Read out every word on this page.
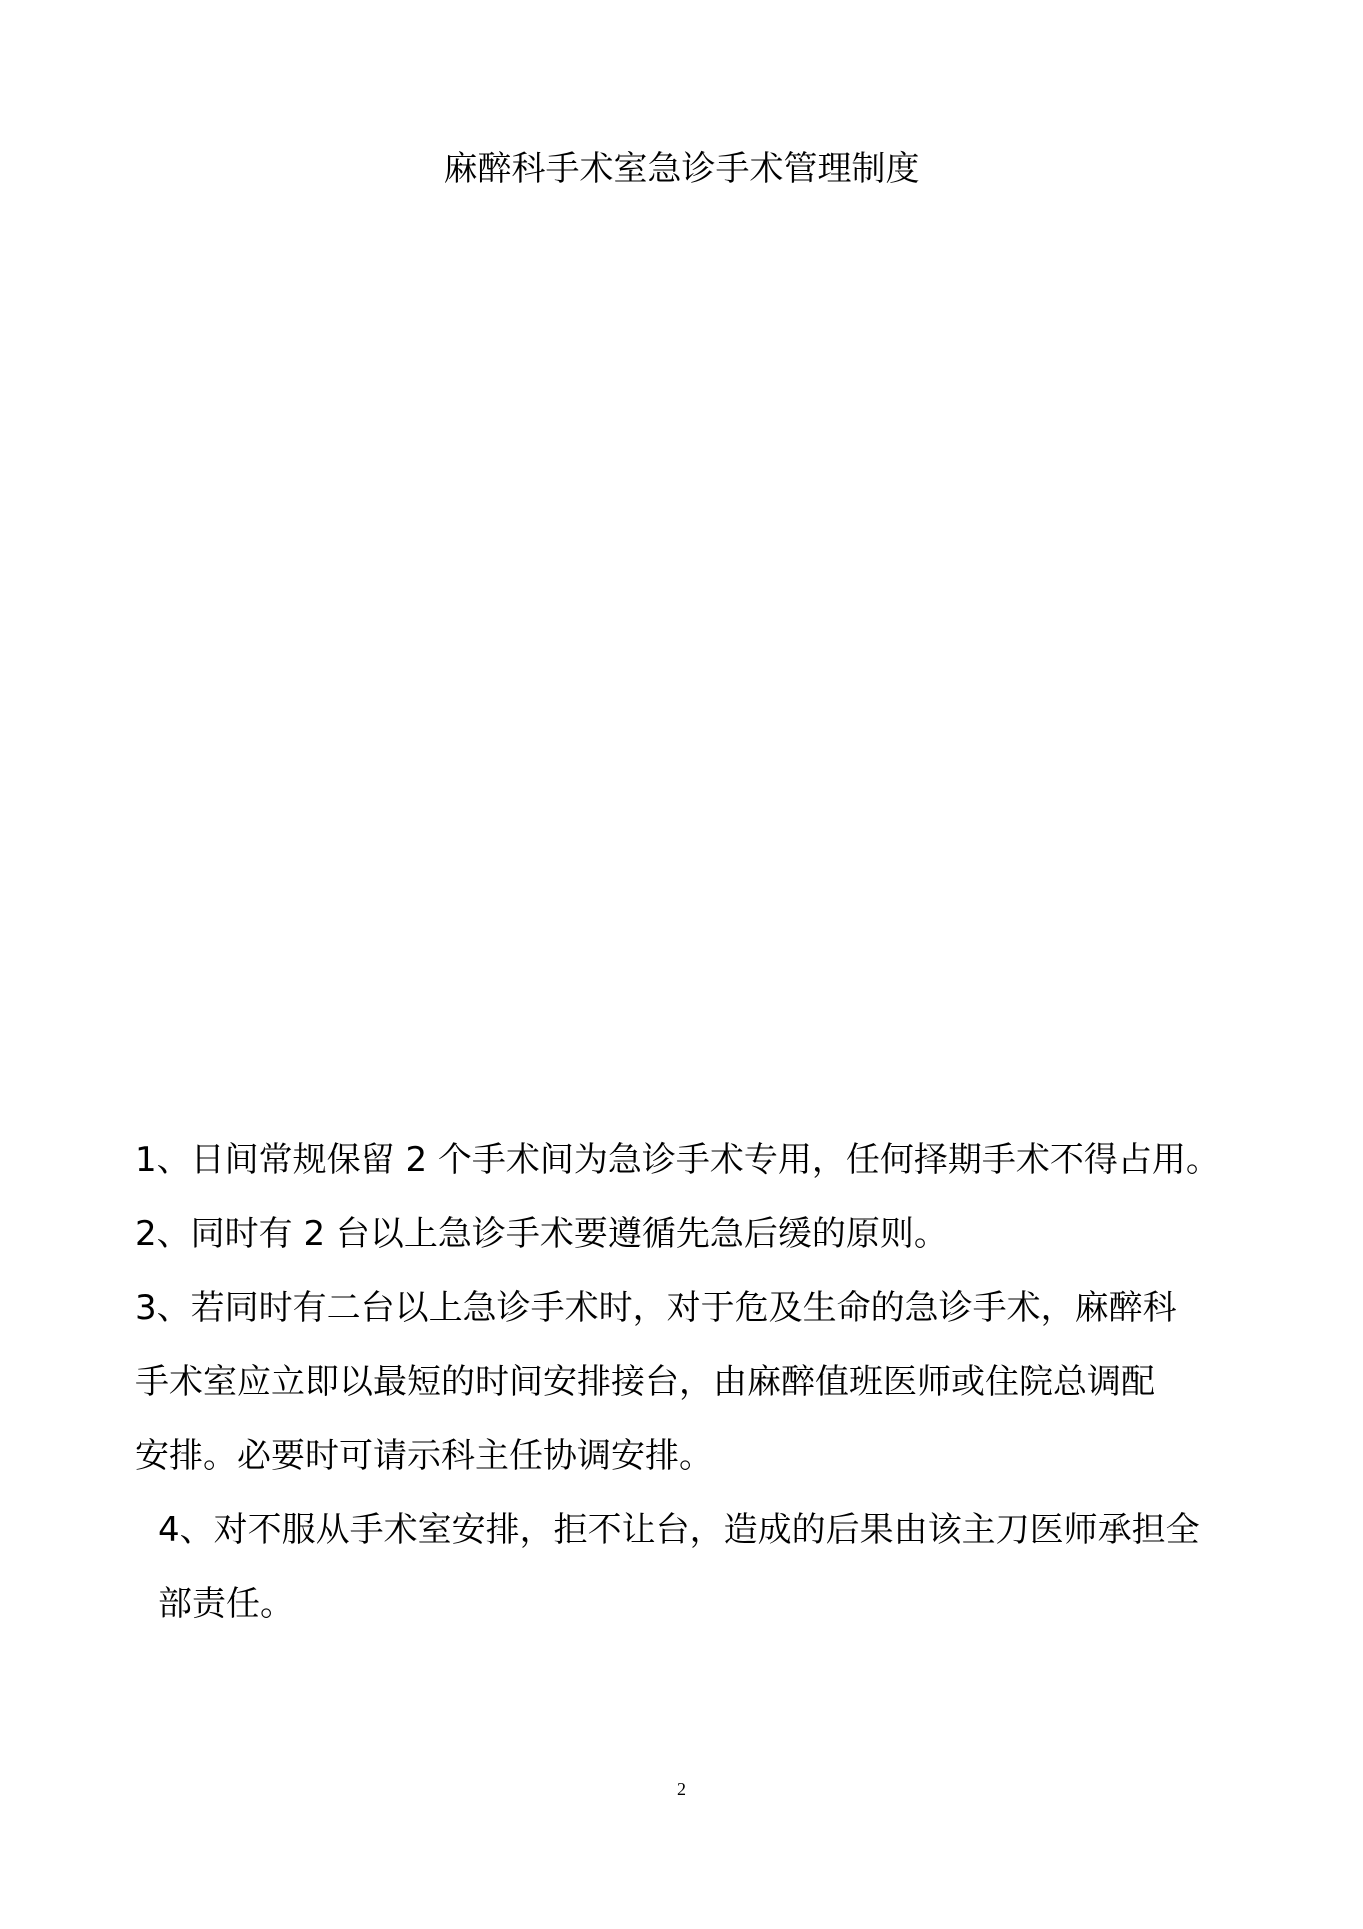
麻醉科手术室急诊手术管理制度
1、日间常规保留 2 个手术间为急诊手术专用，任何择期手术不得占用。
2、同时有 2 台以上急诊手术要遵循先急后缓的原则。
3、若同时有二台以上急诊手术时，对于危及生命的急诊手术，麻醉科
手术室应立即以最短的时间安排接台，由麻醉值班医师或住院总调配
安排。必要时可请示科主任协调安排。
4、对不服从手术室安排，拒不让台，造成的后果由该主刀医师承担全
部责任。
2
